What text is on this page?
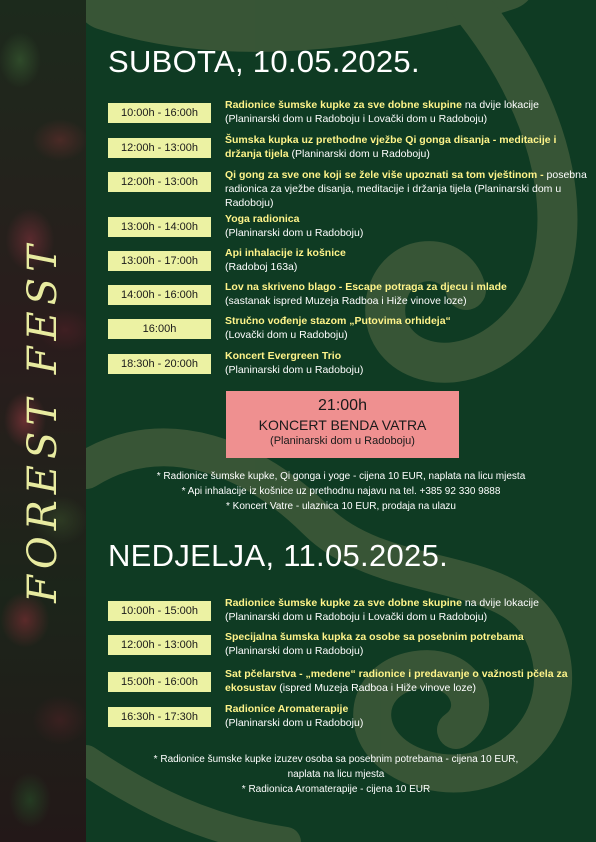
FOREST FEST
SUBOTA, 10.05.2025.
10:00h - 16:00h
Radionice šumske kupke za sve dobne skupine na dvije lokacije (Planinarski dom u Radoboju i Lovački dom u Radoboju)
12:00h - 13:00h
Šumska kupka uz prethodne vježbe Qi gonga disanja - meditacije i držanja tijela (Planinarski dom u Radoboju)
12:00h - 13:00h
Qi gong za sve one koji se žele više upoznati sa tom vještinom - posebna radionica za vježbe disanja, meditacije i držanja tijela (Planinarski dom u Radoboju)
13:00h - 14:00h
Yoga radionica
(Planinarski dom u Radoboju)
13:00h - 17:00h
Api inhalacije iz košnice
(Radoboj 163a)
14:00h - 16:00h
Lov na skriveno blago - Escape potraga za djecu i mlade
(sastanak ispred Muzeja Radboa i Hiže vinove loze)
16:00h
Stručno vođenje stazom „Putovima orhideja“
(Lovački dom u Radoboju)
18:30h - 20:00h
Koncert Evergreen Trio
(Planinarski dom u Radoboju)
21:00h
KONCERT BENDA VATRA
(Planinarski dom u Radoboju)
* Radionice šumske kupke, Qi gonga i yoge - cijena 10 EUR, naplata na licu mjesta
* Api inhalacije iz košnice uz prethodnu najavu na tel. +385 92 330 9888
* Koncert Vatre - ulaznica 10 EUR, prodaja na ulazu
NEDJELJA, 11.05.2025.
10:00h - 15:00h
Radionice šumske kupke za sve dobne skupine na dvije lokacije (Planinarski dom u Radoboju i Lovački dom u Radoboju)
12:00h - 13:00h
Specijalna šumska kupka za osobe sa posebnim potrebama
(Planinarski dom u Radoboju)
15:00h - 16:00h
Sat pčelarstva - „medene“ radionice i predavanje o važnosti pčela za ekosustav (ispred Muzeja Radboa i Hiže vinove loze)
16:30h - 17:30h
Radionice Aromaterapije
(Planinarski dom u Radoboju)
* Radionice šumske kupke izuzev osoba sa posebnim potrebama - cijena 10 EUR,
naplata na licu mjesta
* Radionica Aromaterapije - cijena 10 EUR
